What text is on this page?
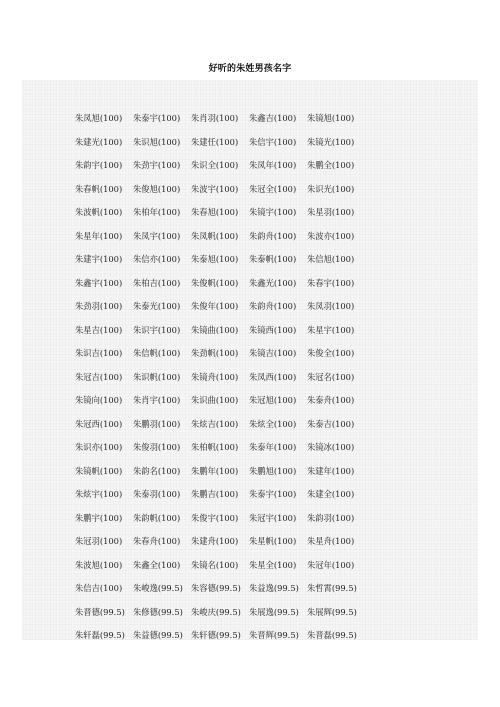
好听的朱姓男孩名字
朱凤旭(100) 朱泰宇(100) 朱肖羽(100) 朱鑫吉(100) 朱镜旭(100)
朱建光(100) 朱识旭(100) 朱建任(100) 朱信宇(100) 朱镜光(100)
朱韵宇(100) 朱劲宇(100) 朱识全(100) 朱凤年(100) 朱鹏全(100)
朱春帆(100) 朱俊旭(100) 朱波宇(100) 朱冠全(100) 朱识光(100)
朱波帆(100) 朱柏年(100) 朱春旭(100) 朱镜宇(100) 朱星羽(100)
朱星年(100) 朱凤宇(100) 朱凤帆(100) 朱韵舟(100) 朱波亦(100)
朱建宇(100) 朱信亦(100) 朱泰旭(100) 朱泰帆(100) 朱信旭(100)
朱鑫宇(100) 朱柏吉(100) 朱俊帆(100) 朱鑫光(100) 朱春宇(100)
朱劲羽(100) 朱泰光(100) 朱俊年(100) 朱韵舟(100) 朱凤羽(100)
朱星吉(100) 朱识宇(100) 朱镜曲(100) 朱镜西(100) 朱星宇(100)
朱识吉(100) 朱信帆(100) 朱劲帆(100) 朱镜吉(100) 朱俊全(100)
朱冠吉(100) 朱识帆(100) 朱镜舟(100) 朱凤西(100) 朱冠名(100)
朱镜向(100) 朱肖宇(100) 朱识曲(100) 朱冠旭(100) 朱泰舟(100)
朱冠西(100) 朱鹏羽(100) 朱炫吉(100) 朱炫全(100) 朱泰吉(100)
朱识亦(100) 朱俊羽(100) 朱柏帆(100) 朱泰年(100) 朱镜冰(100)
朱镜帆(100) 朱韵名(100) 朱鹏年(100) 朱鹏旭(100) 朱建年(100)
朱炫宇(100) 朱泰羽(100) 朱鹏吉(100) 朱泰宇(100) 朱建全(100)
朱鹏宇(100) 朱韵帆(100) 朱俊宇(100) 朱冠宇(100) 朱韵羽(100)
朱冠羽(100) 朱春舟(100) 朱建舟(100) 朱星帆(100) 朱星舟(100)
朱波旭(100) 朱鑫全(100) 朱镜名(100) 朱星全(100) 朱冠年(100)
朱信吉(100) 朱峻逸(99.5) 朱容德(99.5) 朱益逸(99.5) 朱哲霄(99.5)
朱晋德(99.5) 朱修德(99.5) 朱峻庆(99.5) 朱展逸(99.5) 朱展辉(99.5)
朱轩磊(99.5) 朱益德(99.5) 朱轩德(99.5) 朱晋辉(99.5) 朱晋磊(99.5)
